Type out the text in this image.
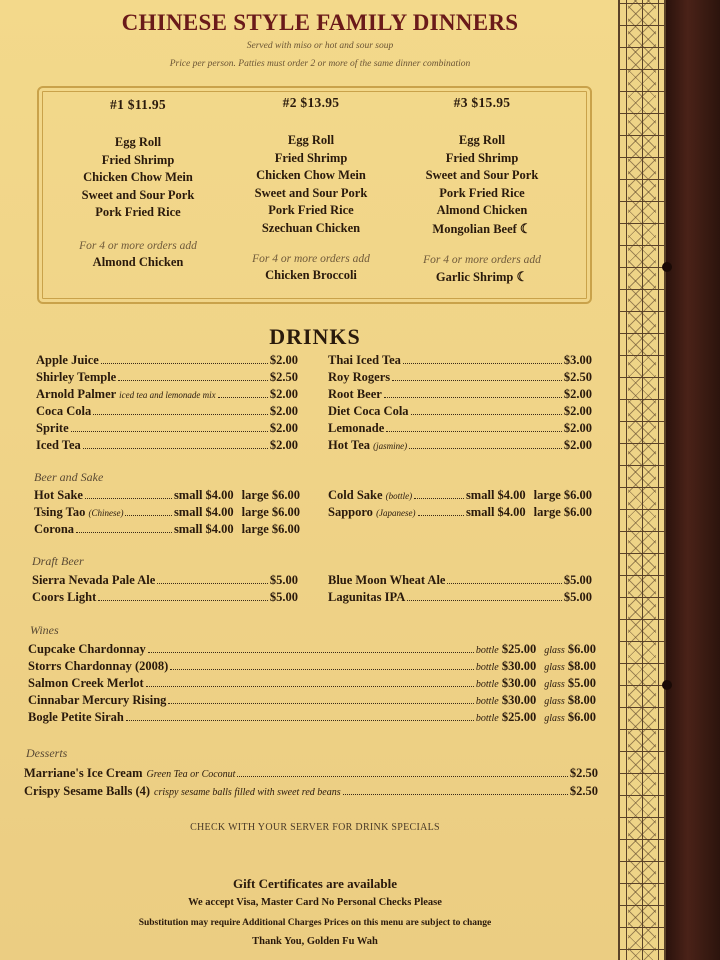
CHINESE STYLE FAMILY DINNERS
Served with miso or hot and sour soup
Price per person. Patties must order 2 or more of the same dinner combination
#1 $11.95
Egg Roll
Fried Shrimp
Chicken Chow Mein
Sweet and Sour Pork
Pork Fried Rice
For 4 or more orders add
Almond Chicken
#2 $13.95
Egg Roll
Fried Shrimp
Chicken Chow Mein
Sweet and Sour Pork
Pork Fried Rice
Szechuan Chicken
For 4 or more orders add
Chicken Broccoli
#3 $15.95
Egg Roll
Fried Shrimp
Sweet and Sour Pork
Pork Fried Rice
Almond Chicken
Mongolian Beef ☾
For 4 or more orders add
Garlic Shrimp ☾
DRINKS
Apple Juice	$2.00
Shirley Temple	$2.50
Arnold Palmer iced tea and lemonade mix	$2.00
Coca Cola	$2.00
Sprite	$2.00
Iced Tea	$2.00
Thai Iced Tea	$3.00
Roy Rogers	$2.50
Root Beer	$2.00
Diet Coca Cola	$2.00
Lemonade	$2.00
Hot Tea (jasmine)	$2.00
Beer and Sake
Hot Sake	small $4.00 large $6.00
Tsing Tao (Chinese)	small $4.00 large $6.00
Corona	small $4.00 large $6.00
Cold Sake (bottle)	small $4.00 large $6.00
Sapporo (Japanese)	small $4.00 large $6.00
Draft Beer
Sierra Nevada Pale Ale	$5.00
Coors Light	$5.00
Blue Moon Wheat Ale	$5.00
Lagunitas IPA	$5.00
Wines
Cupcake Chardonnay	bottle $25.00 glass $6.00
Storrs Chardonnay (2008)	bottle $30.00 glass $8.00
Salmon Creek Merlot	bottle $30.00 glass $5.00
Cinnabar Mercury Rising	bottle $30.00 glass $8.00
Bogle Petite Sirah	bottle $25.00 glass $6.00
Desserts
Marriane's Ice Cream Green Tea or Coconut	$2.50
Crispy Sesame Balls (4) crispy sesame balls filled with sweet red beans	$2.50
CHECK WITH YOUR SERVER FOR DRINK SPECIALS
Gift Certificates are available
We accept Visa, Master Card No Personal Checks Please
Substitution may require Additional Charges Prices on this menu are subject to change
Thank You, Golden Fu Wah
